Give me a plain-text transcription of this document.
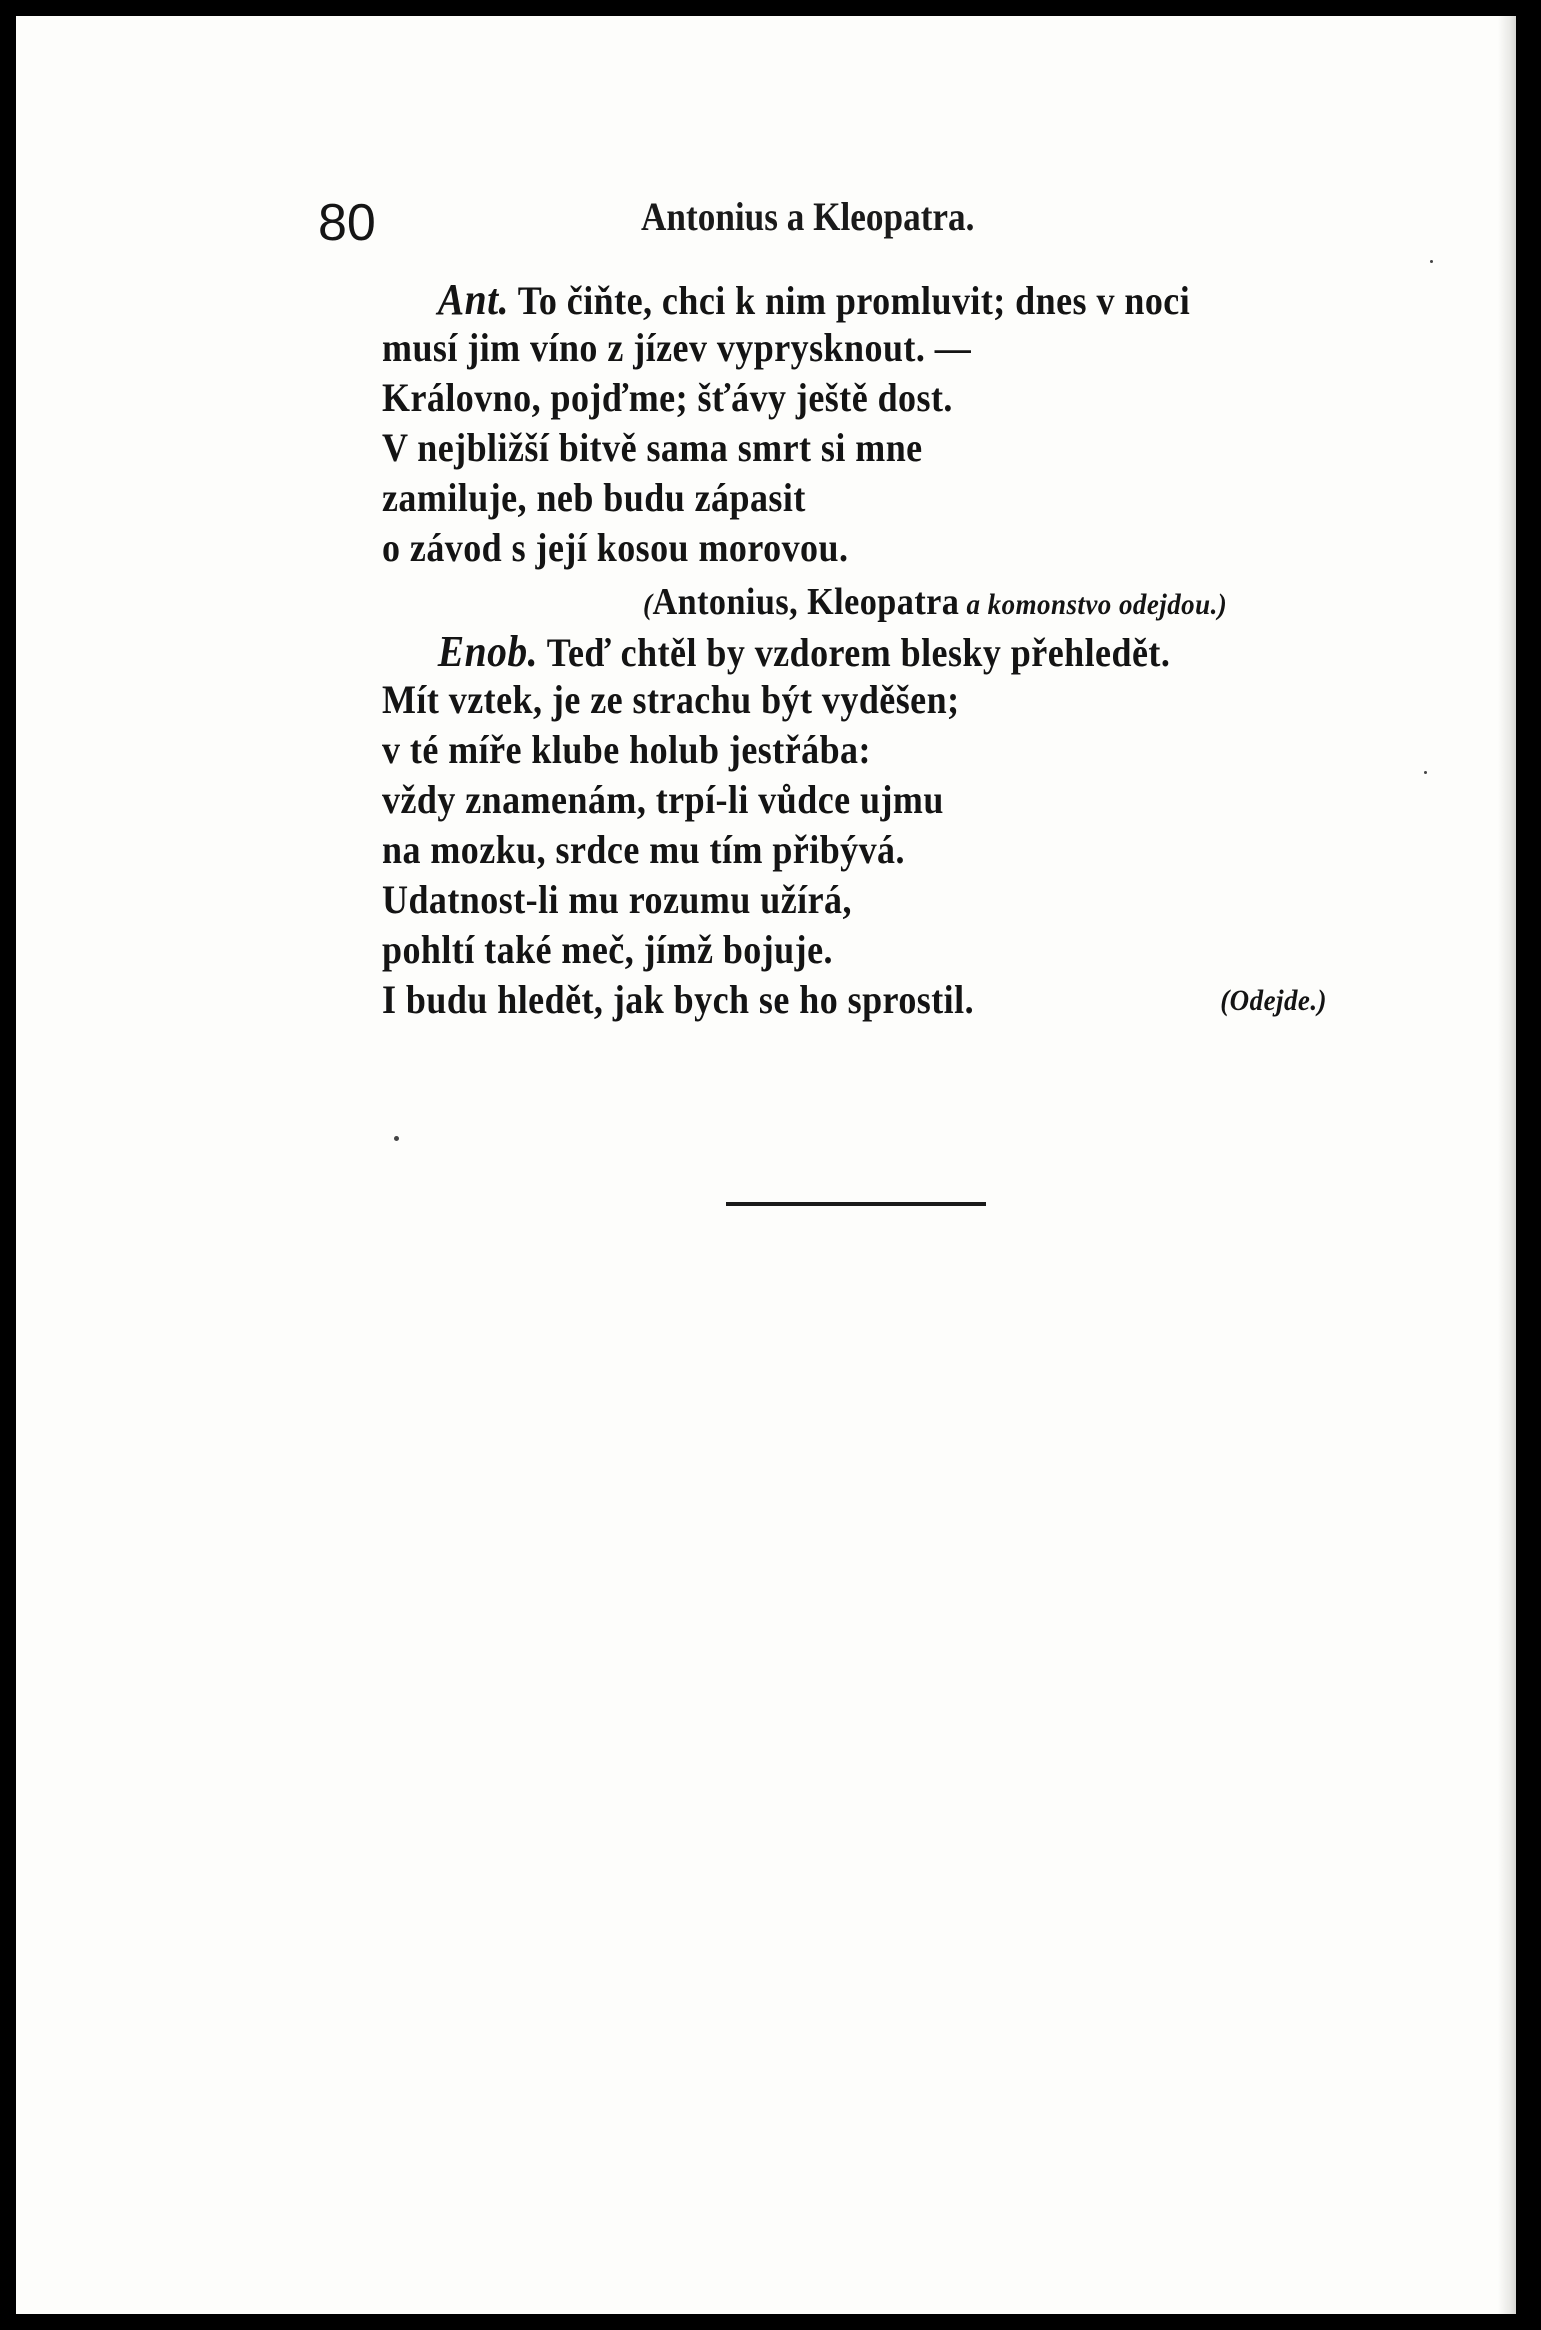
80	Antonius a Kleopatra.
Ant. To čiňte, chci k nim promluvit; dnes v noci
musí jim víno z jízev vyprysknout. —
Královno, pojďme; šťávy ještě dost.
V nejbližší bitvě sama smrt si mne
zamiluje, neb budu zápasit
o závod s její kosou morovou.
(Antonius, Kleopatra a komonstvo odejdou.)
Enob. Teď chtěl by vzdorem blesky přehledět.
Mít vztek, je ze strachu být vyděšen;
v té míře klube holub jestřába:
vždy znamenám, trpí-li vůdce ujmu
na mozku, srdce mu tím přibývá.
Udatnost-li mu rozumu užírá,
pohltí také meč, jímž bojuje.
I budu hledět, jak bych se ho sprostil.	(Odejde.)
